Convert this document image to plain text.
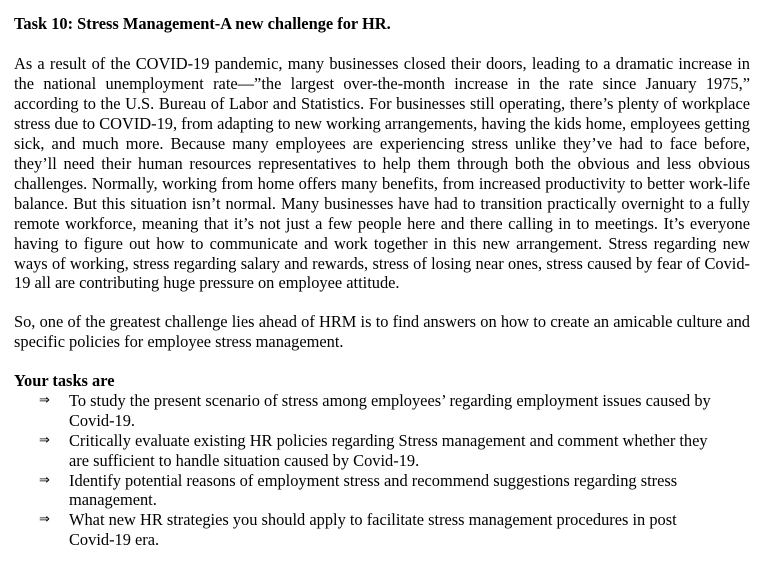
Task 10: Stress Management-A new challenge for HR.

As a result of the COVID-19 pandemic, many businesses closed their doors, leading to a dramatic increase in the national unemployment rate—”the largest over-the-month increase in the rate since January 1975,” according to the U.S. Bureau of Labor and Statistics. For businesses still operating, there’s plenty of workplace stress due to COVID-19, from adapting to new working arrangements, having the kids home, employees getting sick, and much more. Because many employees are experiencing stress unlike they’ve had to face before, they’ll need their human resources representatives to help them through both the obvious and less obvious challenges. Normally, working from home offers many benefits, from increased productivity to better work-life balance. But this situation isn’t normal. Many businesses have had to transition practically overnight to a fully remote workforce, meaning that it’s not just a few people here and there calling in to meetings. It’s everyone having to figure out how to communicate and work together in this new arrangement. Stress regarding new ways of working, stress regarding salary and rewards, stress of losing near ones, stress caused by fear of Covid-19 all are contributing huge pressure on employee attitude.

So, one of the greatest challenge lies ahead of HRM is to find answers on how to create an amicable culture and specific policies for employee stress management.

Your tasks are
⇒ To study the present scenario of stress among employees’ regarding employment issues caused by Covid-19.
⇒ Critically evaluate existing HR policies regarding Stress management and comment whether they are sufficient to handle situation caused by Covid-19.
⇒ Identify potential reasons of employment stress and recommend suggestions regarding stress management.
⇒ What new HR strategies you should apply to facilitate stress management procedures in post Covid-19 era.
